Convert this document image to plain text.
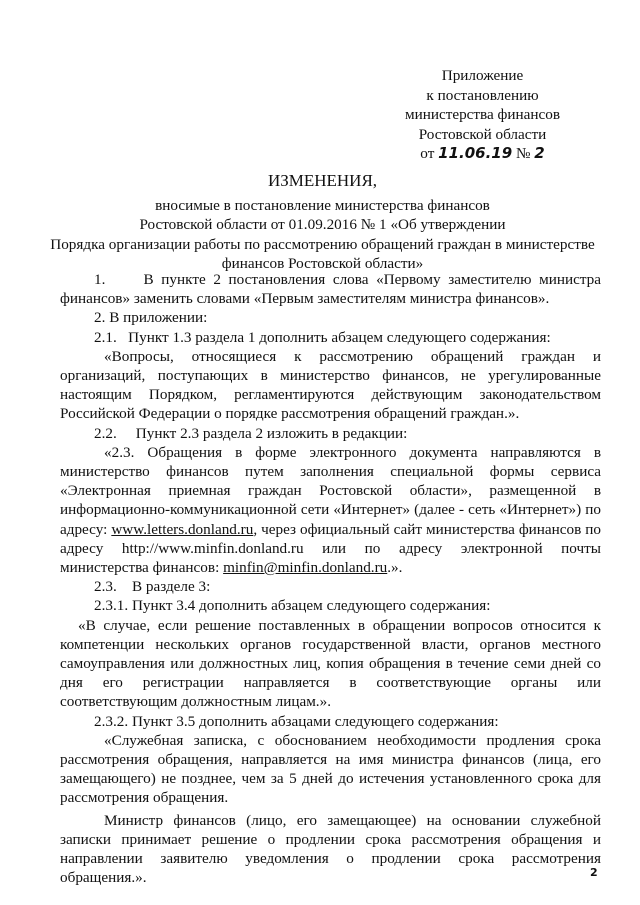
Приложение
к постановлению
министерства финансов
Ростовской области
от 11.06.19 № 2
ИЗМЕНЕНИЯ,
вносимые в постановление министерства финансов
Ростовской области от 01.09.2016 № 1 «Об утверждении
Порядка организации работы по рассмотрению обращений граждан в министерстве
финансов Ростовской области»

1.     В пункте 2 постановления слова «Первому заместителю министра финансов» заменить словами «Первым заместителям министра финансов».

2. В приложении:

2.1.   Пункт 1.3 раздела 1 дополнить абзацем следующего содержания:

«Вопросы, относящиеся к рассмотрению обращений граждан и организаций, поступающих в министерство финансов, не урегулированные настоящим Порядком, регламентируются действующим законодательством Российской Федерации о порядке рассмотрения обращений граждан.».

2.2.     Пункт 2.3 раздела 2 изложить в редакции:

«2.3. Обращения в форме электронного документа направляются в министерство финансов путем заполнения специальной формы сервиса «Электронная приемная граждан Ростовской области», размещенной в информационно-коммуникационной сети «Интернет» (далее - сеть «Интернет») по адресу: www.letters.donland.ru, через официальный сайт министерства финансов по адресу http://www.minfin.donland.ru или по адресу электронной почты министерства финансов: minfin@minfin.donland.ru.».

2.3.    В разделе 3:

2.3.1. Пункт 3.4 дополнить абзацем следующего содержания:

«В случае, если решение поставленных в обращении вопросов относится к компетенции нескольких органов государственной власти, органов местного самоуправления или должностных лиц, копия обращения в течение семи дней со дня его регистрации направляется в соответствующие органы или соответствующим должностным лицам.».

2.3.2. Пункт 3.5 дополнить абзацами следующего содержания:

«Служебная записка, с обоснованием необходимости продления срока рассмотрения обращения, направляется на имя министра финансов (лица, его замещающего) не позднее, чем за 5 дней до истечения установленного срока для рассмотрения обращения.

Министр финансов (лицо, его замещающее) на основании служебной записки принимает решение о продлении срока рассмотрения обращения и направлении заявителю уведомления о продлении срока рассмотрения обращения.».	2
